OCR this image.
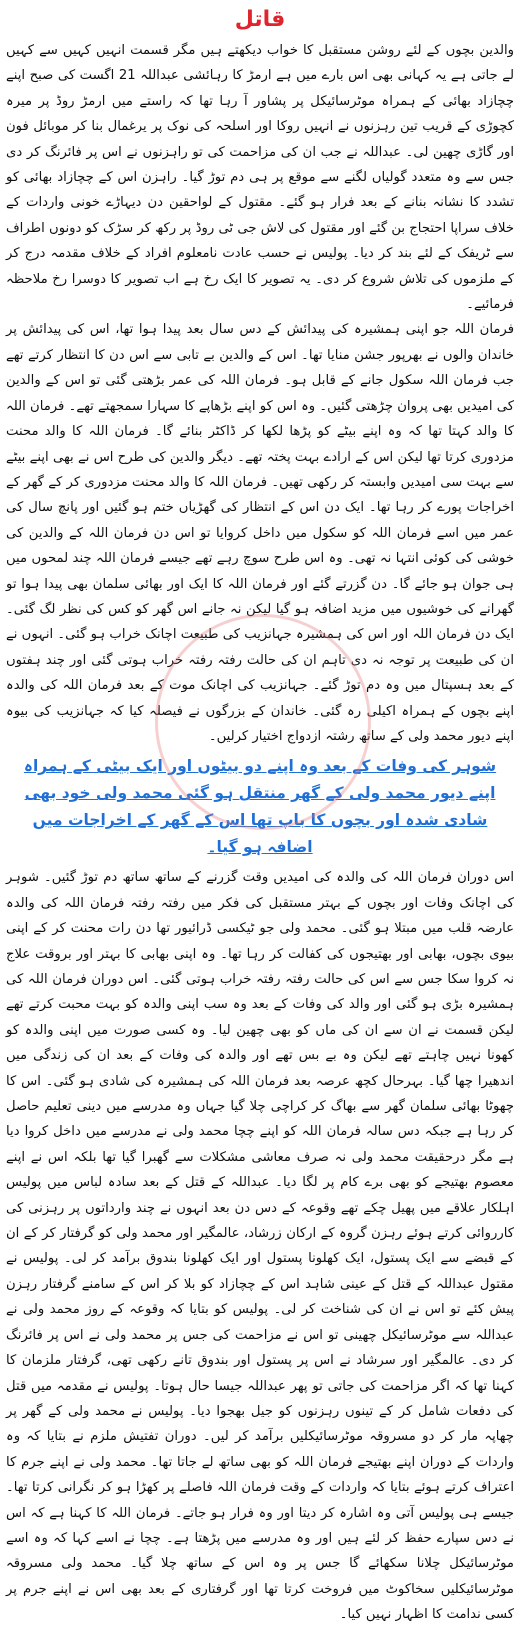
قاتل

والدین بچوں کے لئے روشن مستقبل کا خواب دیکھتے ہیں مگر قسمت انہیں کہیں سے کہیں لے جاتی ہے یہ کہانی بھی اس بارے میں ہے ارمڑ کا رہائشی عبداللہ 21 اگست کی صبح اپنے چچازاد بھائی کے ہمراہ موٹرسائیکل پر پشاور آ رہا تھا کہ راستے میں ارمڑ روڈ پر میرہ کچوڑی کے قریب تین رہزنوں نے انہیں روکا اور اسلحہ کی نوک پر یرغمال بنا کر موبائل فون اور گاڑی چھین لی۔ عبداللہ نے جب ان کی مزاحمت کی تو راہزنوں نے اس پر فائرنگ کر دی جس سے وہ متعدد گولیاں لگنے سے موقع پر ہی دم توڑ گیا۔ راہزن اس کے چچازاد بھائی کو تشدد کا نشانہ بنانے کے بعد فرار ہو گئے۔ مقتول کے لواحقین دن دیہاڑے خونی واردات کے خلاف سراپا احتجاج بن گئے اور مقتول کی لاش جی ٹی روڈ پر رکھ کر سڑک کو دونوں اطراف سے ٹریفک کے لئے بند کر دیا۔ پولیس نے حسب عادت نامعلوم افراد کے خلاف مقدمہ درج کر کے ملزموں کی تلاش شروع کر دی۔ یہ تصویر کا ایک رخ ہے اب تصویر کا دوسرا رخ ملاحظہ فرمائیے۔

فرمان اللہ جو اپنی ہمشیرہ کی پیدائش کے دس سال بعد پیدا ہوا تھا، اس کی پیدائش پر خاندان والوں نے بھرپور جشن منایا تھا۔ اس کے والدین بے تابی سے اس دن کا انتظار کرتے تھے جب فرمان اللہ سکول جانے کے قابل ہو۔ فرمان اللہ کی عمر بڑھتی گئی تو اس کے والدین کی امیدیں بھی پروان چڑھتی گئیں۔ وہ اس کو اپنے بڑھاپے کا سہارا سمجھتے تھے۔ فرمان اللہ کا والد کہتا تھا کہ وہ اپنے بیٹے کو پڑھا لکھا کر ڈاکٹر بنائے گا۔ فرمان اللہ کا والد محنت مزدوری کرتا تھا لیکن اس کے ارادے بہت پختہ تھے۔ دیگر والدین کی طرح اس نے بھی اپنے بیٹے سے بہت سی امیدیں وابستہ کر رکھی تھیں۔ فرمان اللہ کا والد محنت مزدوری کر کے گھر کے اخراجات پورے کر رہا تھا۔ ایک دن اس کے انتظار کی گھڑیاں ختم ہو گئیں اور پانچ سال کی عمر میں اسے فرمان اللہ کو سکول میں داخل کروایا تو اس دن فرمان اللہ کے والدین کی خوشی کی کوئی انتہا نہ تھی۔ وہ اس طرح سوچ رہے تھے جیسے فرمان اللہ چند لمحوں میں ہی جوان ہو جائے گا۔ دن گزرتے گئے اور فرمان اللہ کا ایک اور بھائی سلمان بھی پیدا ہوا تو گھرانے کی خوشیوں میں مزید اضافہ ہو گیا لیکن نہ جانے اس گھر کو کس کی نظر لگ گئی۔ ایک دن فرمان اللہ اور اس کی ہمشیرہ جہانزیب کی طبیعت اچانک خراب ہو گئی۔ انہوں نے ان کی طبیعت پر توجہ نہ دی تاہم ان کی حالت رفتہ رفتہ خراب ہوتی گئی اور چند ہفتوں کے بعد ہسپتال میں وہ دم توڑ گئے۔ جہانزیب کی اچانک موت کے بعد فرمان اللہ کی والدہ اپنے بچوں کے ہمراہ اکیلی رہ گئی۔ خاندان کے بزرگوں نے فیصلہ کیا کہ جہانزیب کی بیوہ اپنے دیور محمد ولی کے ساتھ رشتہ ازدواج اختیار کرلیں۔

شوہر کی وفات کے بعد وہ اپنے دو بیٹوں اور ایک بیٹی کے ہمراہ اپنے دیور محمد ولی کے گھر منتقل ہو گئی محمد ولی خود بھی شادی شدہ اور بچوں کا باپ تھا اس کے گھر کے اخراجات میں اضافہ ہو گیا۔

اس دوران فرمان اللہ کی والدہ کی امیدیں وقت گزرنے کے ساتھ ساتھ دم توڑ گئیں۔ شوہر کی اچانک وفات اور بچوں کے بہتر مستقبل کی فکر میں رفتہ رفتہ فرمان اللہ کی والدہ عارضہ قلب میں مبتلا ہو گئی۔ محمد ولی جو ٹیکسی ڈرائیور تھا دن رات محنت کر کے اپنی بیوی بچوں، بھابی اور بھتیجوں کی کفالت کر رہا تھا۔ وہ اپنی بھابی کا بہتر اور بروقت علاج نہ کروا سکا جس سے اس کی حالت رفتہ رفتہ خراب ہوتی گئی۔ اس دوران فرمان اللہ کی ہمشیرہ بڑی ہو گئی اور والد کی وفات کے بعد وہ سب اپنی والدہ کو بہت محبت کرتے تھے لیکن قسمت نے ان سے ان کی ماں کو بھی چھین لیا۔ وہ کسی صورت میں اپنی والدہ کو کھونا نہیں چاہتے تھے لیکن وہ بے بس تھے اور والدہ کی وفات کے بعد ان کی زندگی میں اندھیرا چھا گیا۔ بہرحال کچھ عرصہ بعد فرمان اللہ کی ہمشیرہ کی شادی ہو گئی۔ اس کا چھوٹا بھائی سلمان گھر سے بھاگ کر کراچی چلا گیا جہاں وہ مدرسے میں دینی تعلیم حاصل کر رہا ہے جبکہ دس سالہ فرمان اللہ کو اپنے چچا محمد ولی نے مدرسے میں داخل کروا دیا ہے مگر درحقیقت محمد ولی نہ صرف معاشی مشکلات سے گھبرا گیا تھا بلکہ اس نے اپنے معصوم بھتیجے کو بھی برے کام پر لگا دیا۔ عبداللہ کے قتل کے بعد سادہ لباس میں پولیس اہلکار علاقے میں پھیل چکے تھے وقوعہ کے دس دن بعد انہوں نے چند وارداتوں پر رہزنی کی کارروائی کرتے ہوئے رہزن گروہ کے ارکان زرشاد، عالمگیر اور محمد ولی کو گرفتار کر کے ان کے قبضے سے ایک پستول، ایک کھلونا پستول اور ایک کھلونا بندوق برآمد کر لی۔ پولیس نے مقتول عبداللہ کے قتل کے عینی شاہد اس کے چچازاد کو بلا کر اس کے سامنے گرفتار رہزن پیش کئے تو اس نے ان کی شناخت کر لی۔ پولیس کو بتایا کہ وقوعہ کے روز محمد ولی نے عبداللہ سے موٹرسائیکل چھینی تو اس نے مزاحمت کی جس پر محمد ولی نے اس پر فائرنگ کر دی۔ عالمگیر اور سرشاد نے اس پر پستول اور بندوق تانے رکھی تھی، گرفتار ملزمان کا کہنا تھا کہ اگر مزاحمت کی جاتی تو پھر عبداللہ جیسا حال ہوتا۔ پولیس نے مقدمہ میں قتل کی دفعات شامل کر کے تینوں رہزنوں کو جیل بھجوا دیا۔ پولیس نے محمد ولی کے گھر پر چھاپہ مار کر دو مسروقہ موٹرسائیکلیں برآمد کر لیں۔ دوران تفتیش ملزم نے بتایا کہ وہ واردات کے دوران اپنے بھتیجے فرمان اللہ کو بھی ساتھ لے جاتا تھا۔ محمد ولی نے اپنے جرم کا اعتراف کرتے ہوئے بتایا کہ واردات کے وقت فرمان اللہ فاصلے پر کھڑا ہو کر نگرانی کرتا تھا۔ جیسے ہی پولیس آتی وہ اشارہ کر دیتا اور وہ فرار ہو جاتے۔ فرمان اللہ کا کہنا ہے کہ اس نے دس سپارے حفظ کر لئے ہیں اور وہ مدرسے میں پڑھتا ہے۔ چچا نے اسے کہا کہ وہ اسے موٹرسائیکل چلانا سکھائے گا جس پر وہ اس کے ساتھ چلا گیا۔ محمد ولی مسروقہ موٹرسائیکلیں سخاکوٹ میں فروخت کرتا تھا اور گرفتاری کے بعد بھی اس نے اپنے جرم پر کسی ندامت کا اظہار نہیں کیا۔
